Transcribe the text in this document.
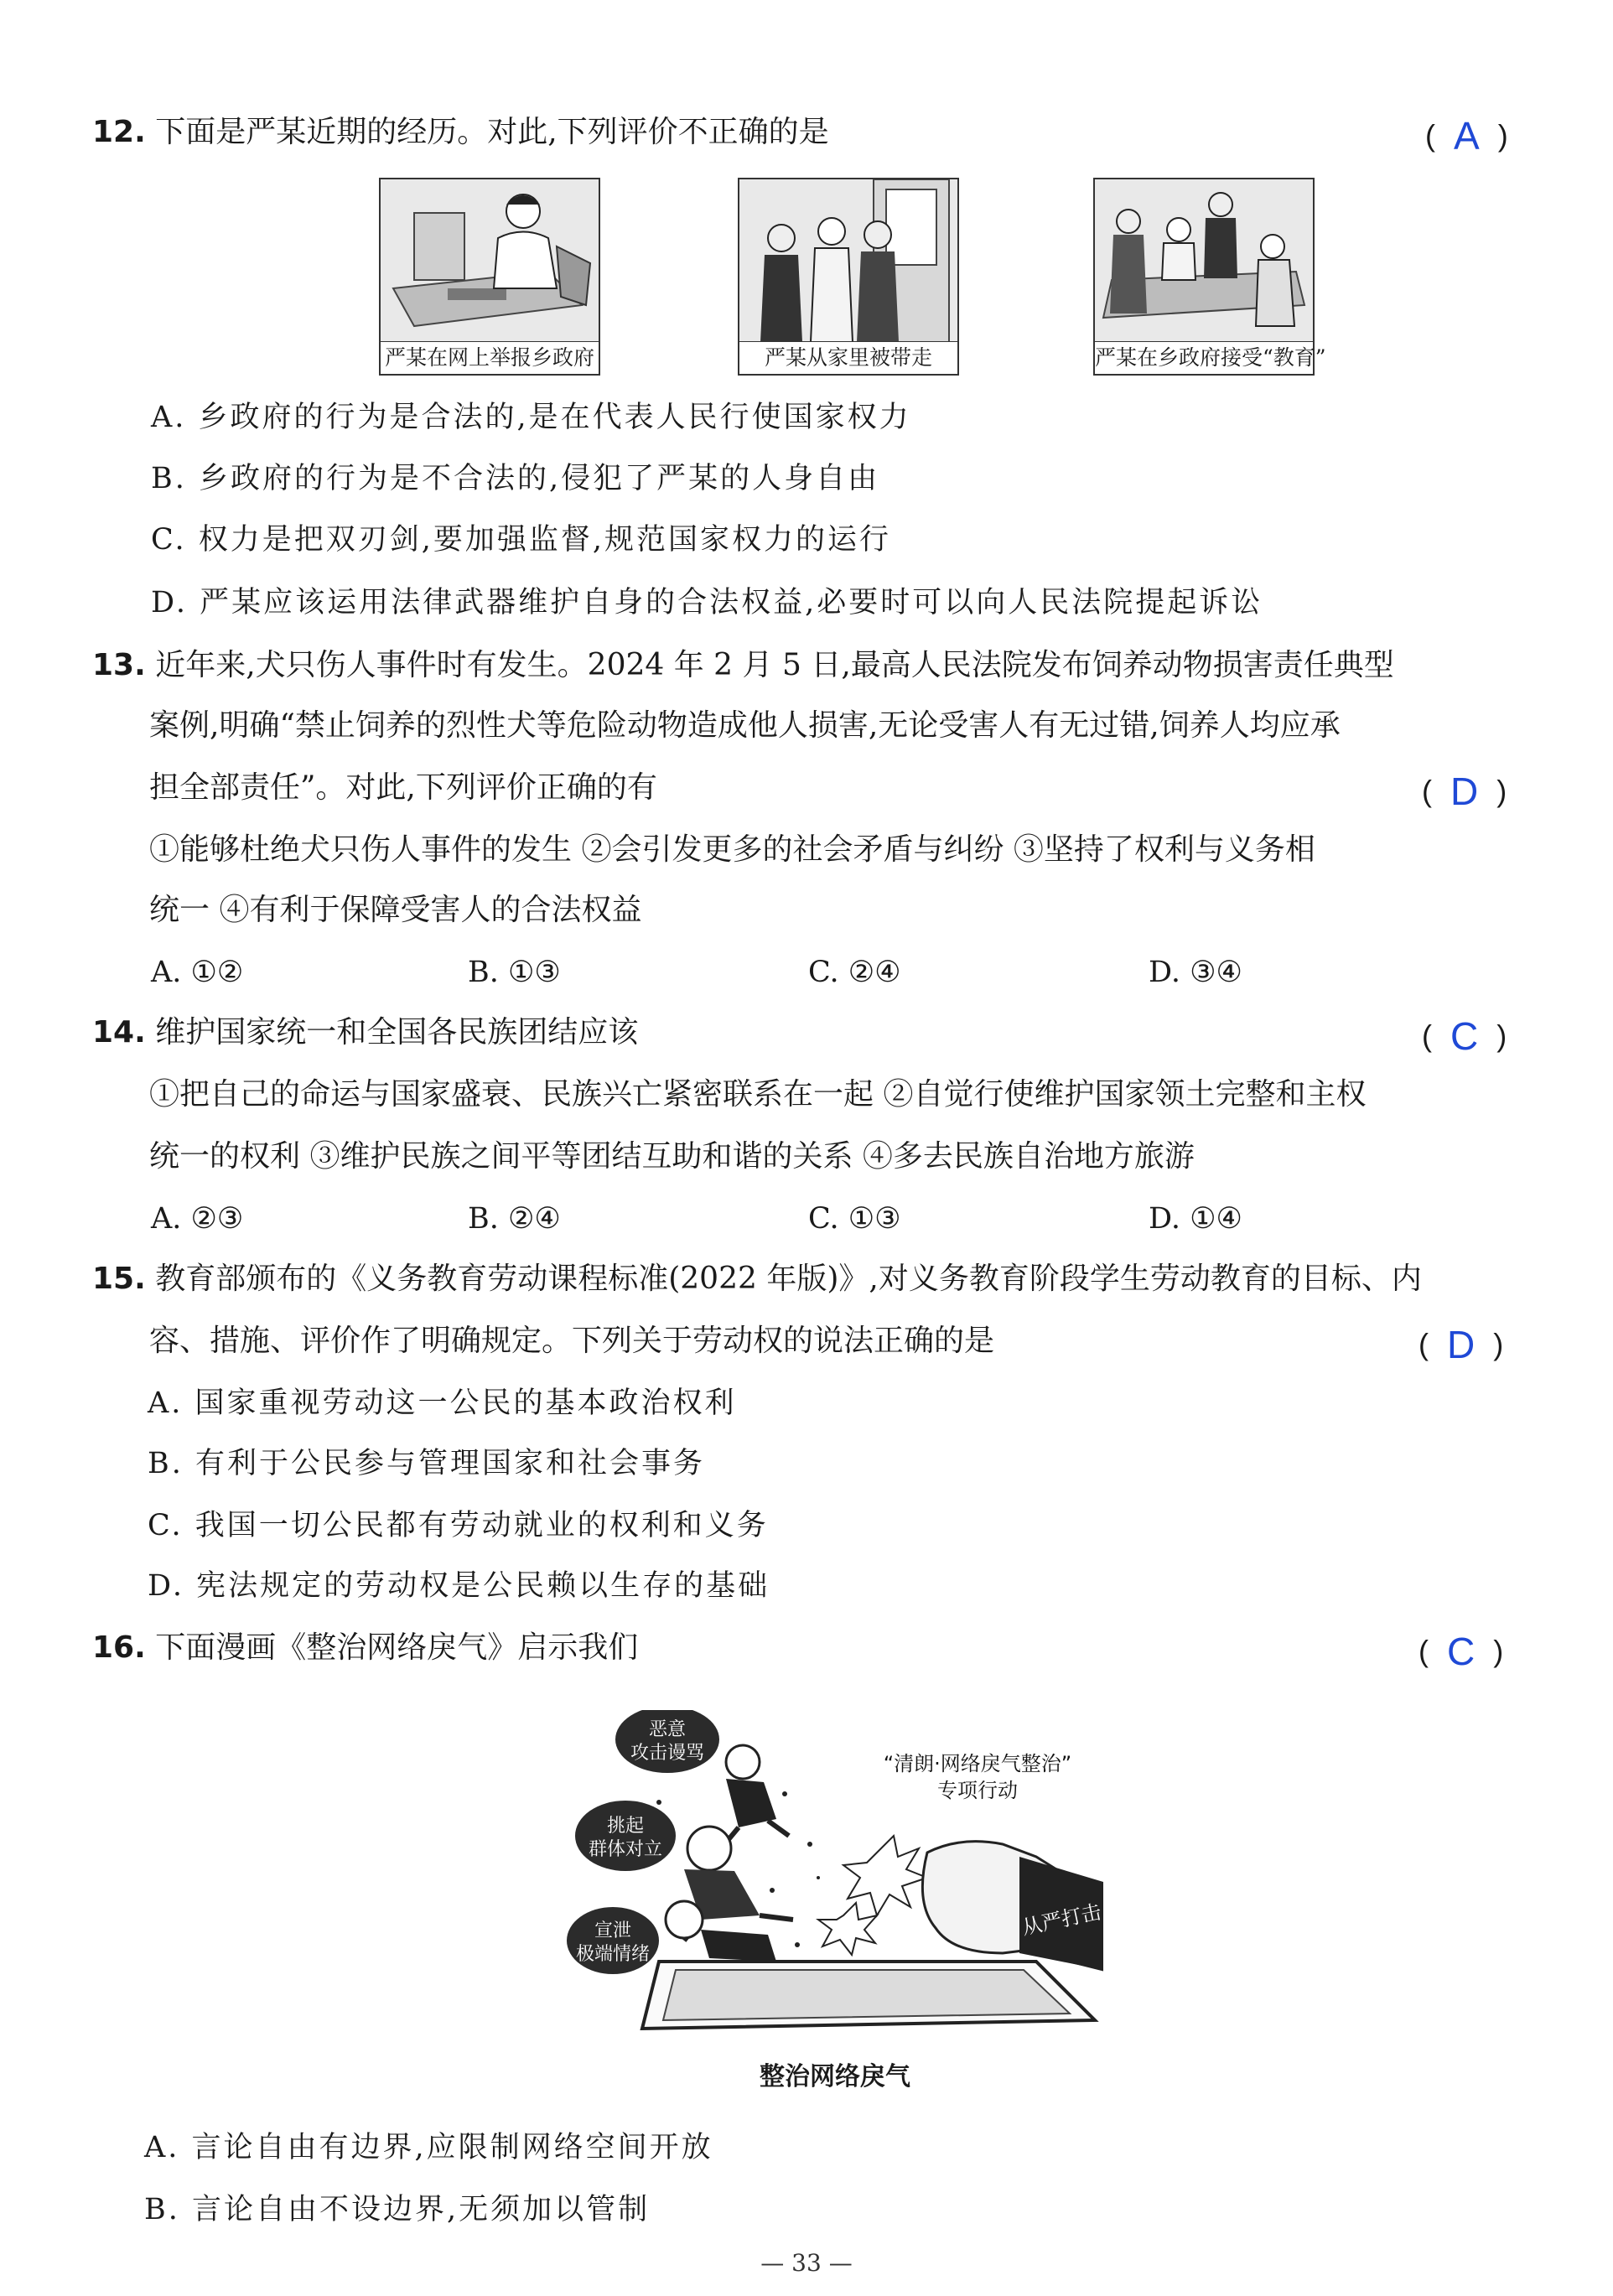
12. 下面是严某近期的经历。对此,下列评价不正确的是	( A )
严某在网上举报乡政府	严某从家里被带走	严某在乡政府接受“教育”
A. 乡政府的行为是合法的,是在代表人民行使国家权力
B. 乡政府的行为是不合法的,侵犯了严某的人身自由
C. 权力是把双刃剑,要加强监督,规范国家权力的运行
D. 严某应该运用法律武器维护自身的合法权益,必要时可以向人民法院提起诉讼
13. 近年来,犬只伤人事件时有发生。2024 年 2 月 5 日,最高人民法院发布饲养动物损害责任典型
案例,明确“禁止饲养的烈性犬等危险动物造成他人损害,无论受害人有无过错,饲养人均应承
担全部责任”。对此,下列评价正确的有	( D )
①能够杜绝犬只伤人事件的发生 ②会引发更多的社会矛盾与纠纷 ③坚持了权利与义务相
统一 ④有利于保障受害人的合法权益
A. ①②	B. ①③	C. ②④	D. ③④
14. 维护国家统一和全国各民族团结应该	( C )
①把自己的命运与国家盛衰、民族兴亡紧密联系在一起 ②自觉行使维护国家领土完整和主权
统一的权利 ③维护民族之间平等团结互助和谐的关系 ④多去民族自治地方旅游
A. ②③	B. ②④	C. ①③	D. ①④
15. 教育部颁布的《义务教育劳动课程标准(2022 年版)》,对义务教育阶段学生劳动教育的目标、内
容、措施、评价作了明确规定。下列关于劳动权的说法正确的是	( D )
A. 国家重视劳动这一公民的基本政治权利
B. 有利于公民参与管理国家和社会事务
C. 我国一切公民都有劳动就业的权利和义务
D. 宪法规定的劳动权是公民赖以生存的基础
16. 下面漫画《整治网络戾气》启示我们	( C )
“清朗·网络戾气整治”
专项行动
从严打击
恶意
攻击谩骂
挑起
群体对立
宣泄
极端情绪
整治网络戾气
A. 言论自由有边界,应限制网络空间开放
B. 言论自由不设边界,无须加以管制
— 33 —
